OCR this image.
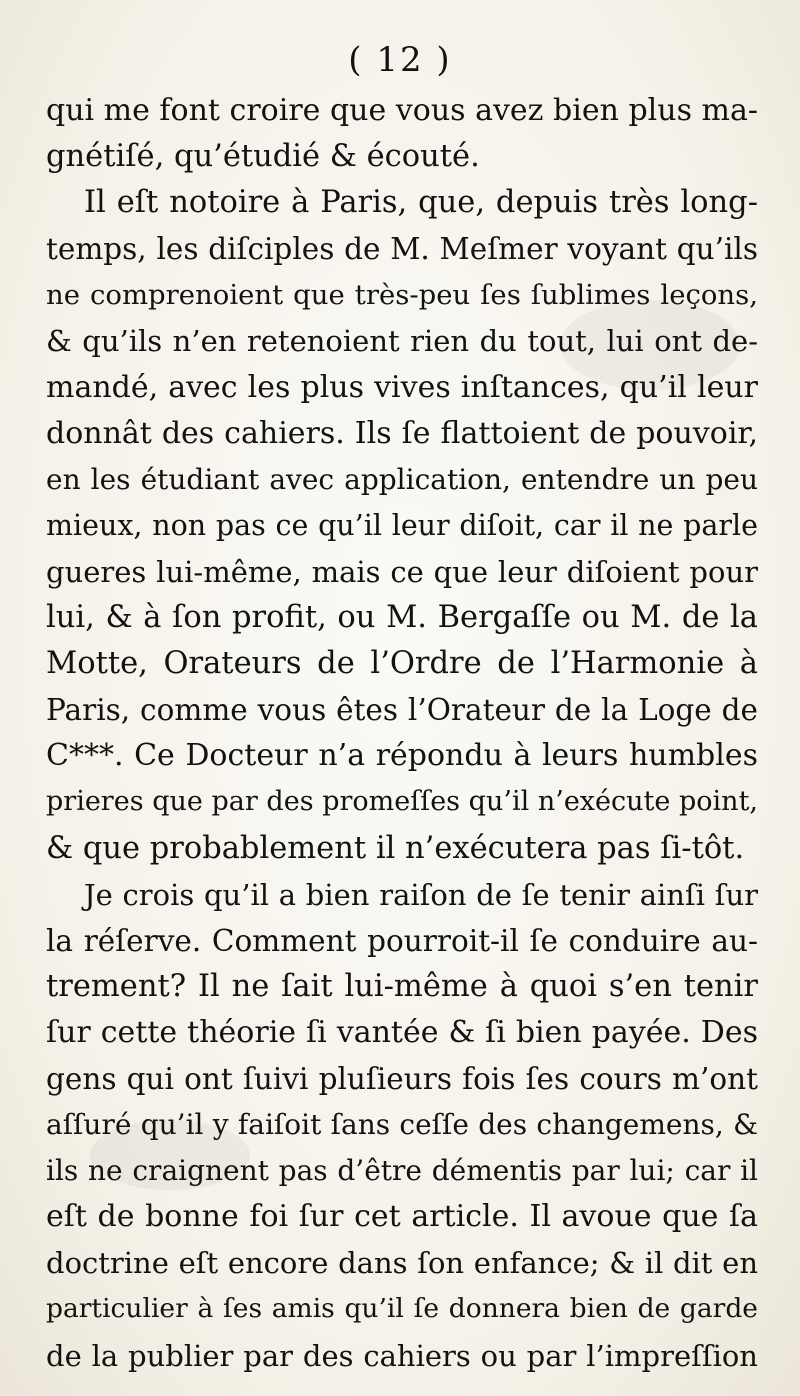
( 12 )
qui me font croire que vous avez bien plus ma-
gnétiſé, qu’étudié & écouté.
Il eſt notoire à Paris, que, depuis très long-
temps, les diſciples de M. Meſmer voyant qu’ils
ne comprenoient que très-peu ſes ſublimes leçons,
& qu’ils n’en retenoient rien du tout, lui ont de-
mandé, avec les plus vives inſtances, qu’il leur
donnât des cahiers. Ils ſe flattoient de pouvoir,
en les étudiant avec application, entendre un peu
mieux, non pas ce qu’il leur diſoit, car il ne parle
gueres lui-même, mais ce que leur diſoient pour
lui, & à ſon profit, ou M. Bergaſſe ou M. de la
Motte, Orateurs de l’Ordre de l’Harmonie à
Paris, comme vous êtes l’Orateur de la Loge de
C***. Ce Docteur n’a répondu à leurs humbles
prieres que par des promeſſes qu’il n’exécute point,
& que probablement il n’exécutera pas ſi-tôt.
Je crois qu’il a bien raiſon de ſe tenir ainſi ſur
la réſerve. Comment pourroit-il ſe conduire au-
trement? Il ne ſait lui-même à quoi s’en tenir
ſur cette théorie ſi vantée & ſi bien payée. Des
gens qui ont ſuivi pluſieurs fois ſes cours m’ont
aſſuré qu’il y faiſoit ſans ceſſe des changemens, &
ils ne craignent pas d’être démentis par lui; car il
eſt de bonne foi ſur cet article. Il avoue que ſa
doctrine eſt encore dans ſon enfance; & il dit en
particulier à ſes amis qu’il ſe donnera bien de garde
de la publier par des cahiers ou par l’impreſſion
